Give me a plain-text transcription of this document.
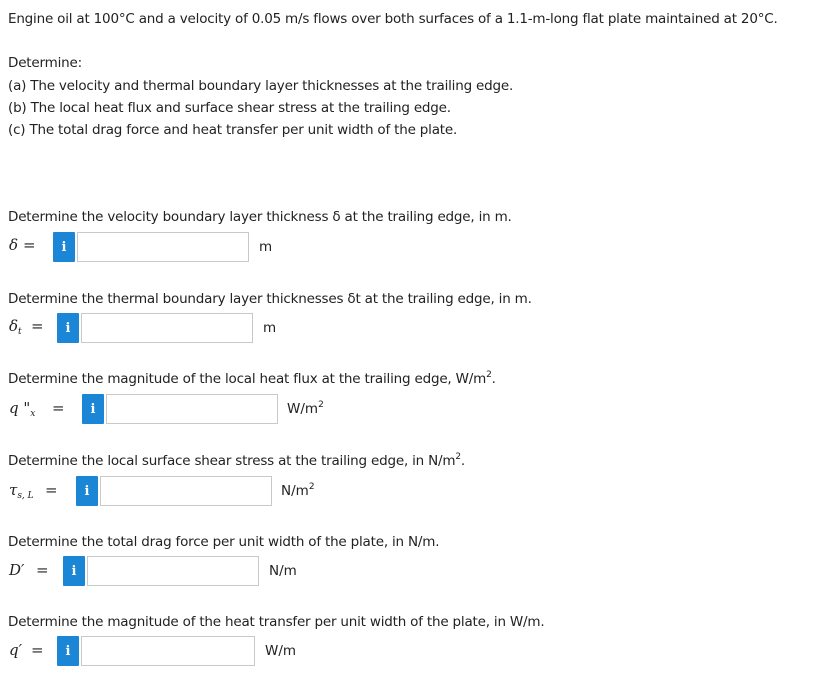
Engine oil at 100°C and a velocity of 0.05 m/s flows over both surfaces of a 1.1-m-long flat plate maintained at 20°C.
Determine:
(a) The velocity and thermal boundary layer thicknesses at the trailing edge.
(b) The local heat flux and surface shear stress at the trailing edge.
(c) The total drag force and heat transfer per unit width of the plate.
Determine the velocity boundary layer thickness δ at the trailing edge, in m.
δ =	i	m
Determine the thermal boundary layer thicknesses δt at the trailing edge, in m.
$\delta_t$ =	i	m
Determine the magnitude of the local heat flux at the trailing edge, $W/m^2$.
q "$_x$ =	i	$W/m^2$
Determine the local surface shear stress at the trailing edge, in $N/m^2$.
$\tau_{s, L}$ =	i	$N/m^2$
Determine the total drag force per unit width of the plate, in N/m.
D′ =	i	N/m
Determine the magnitude of the heat transfer per unit width of the plate, in W/m.
q′ =	i	W/m
